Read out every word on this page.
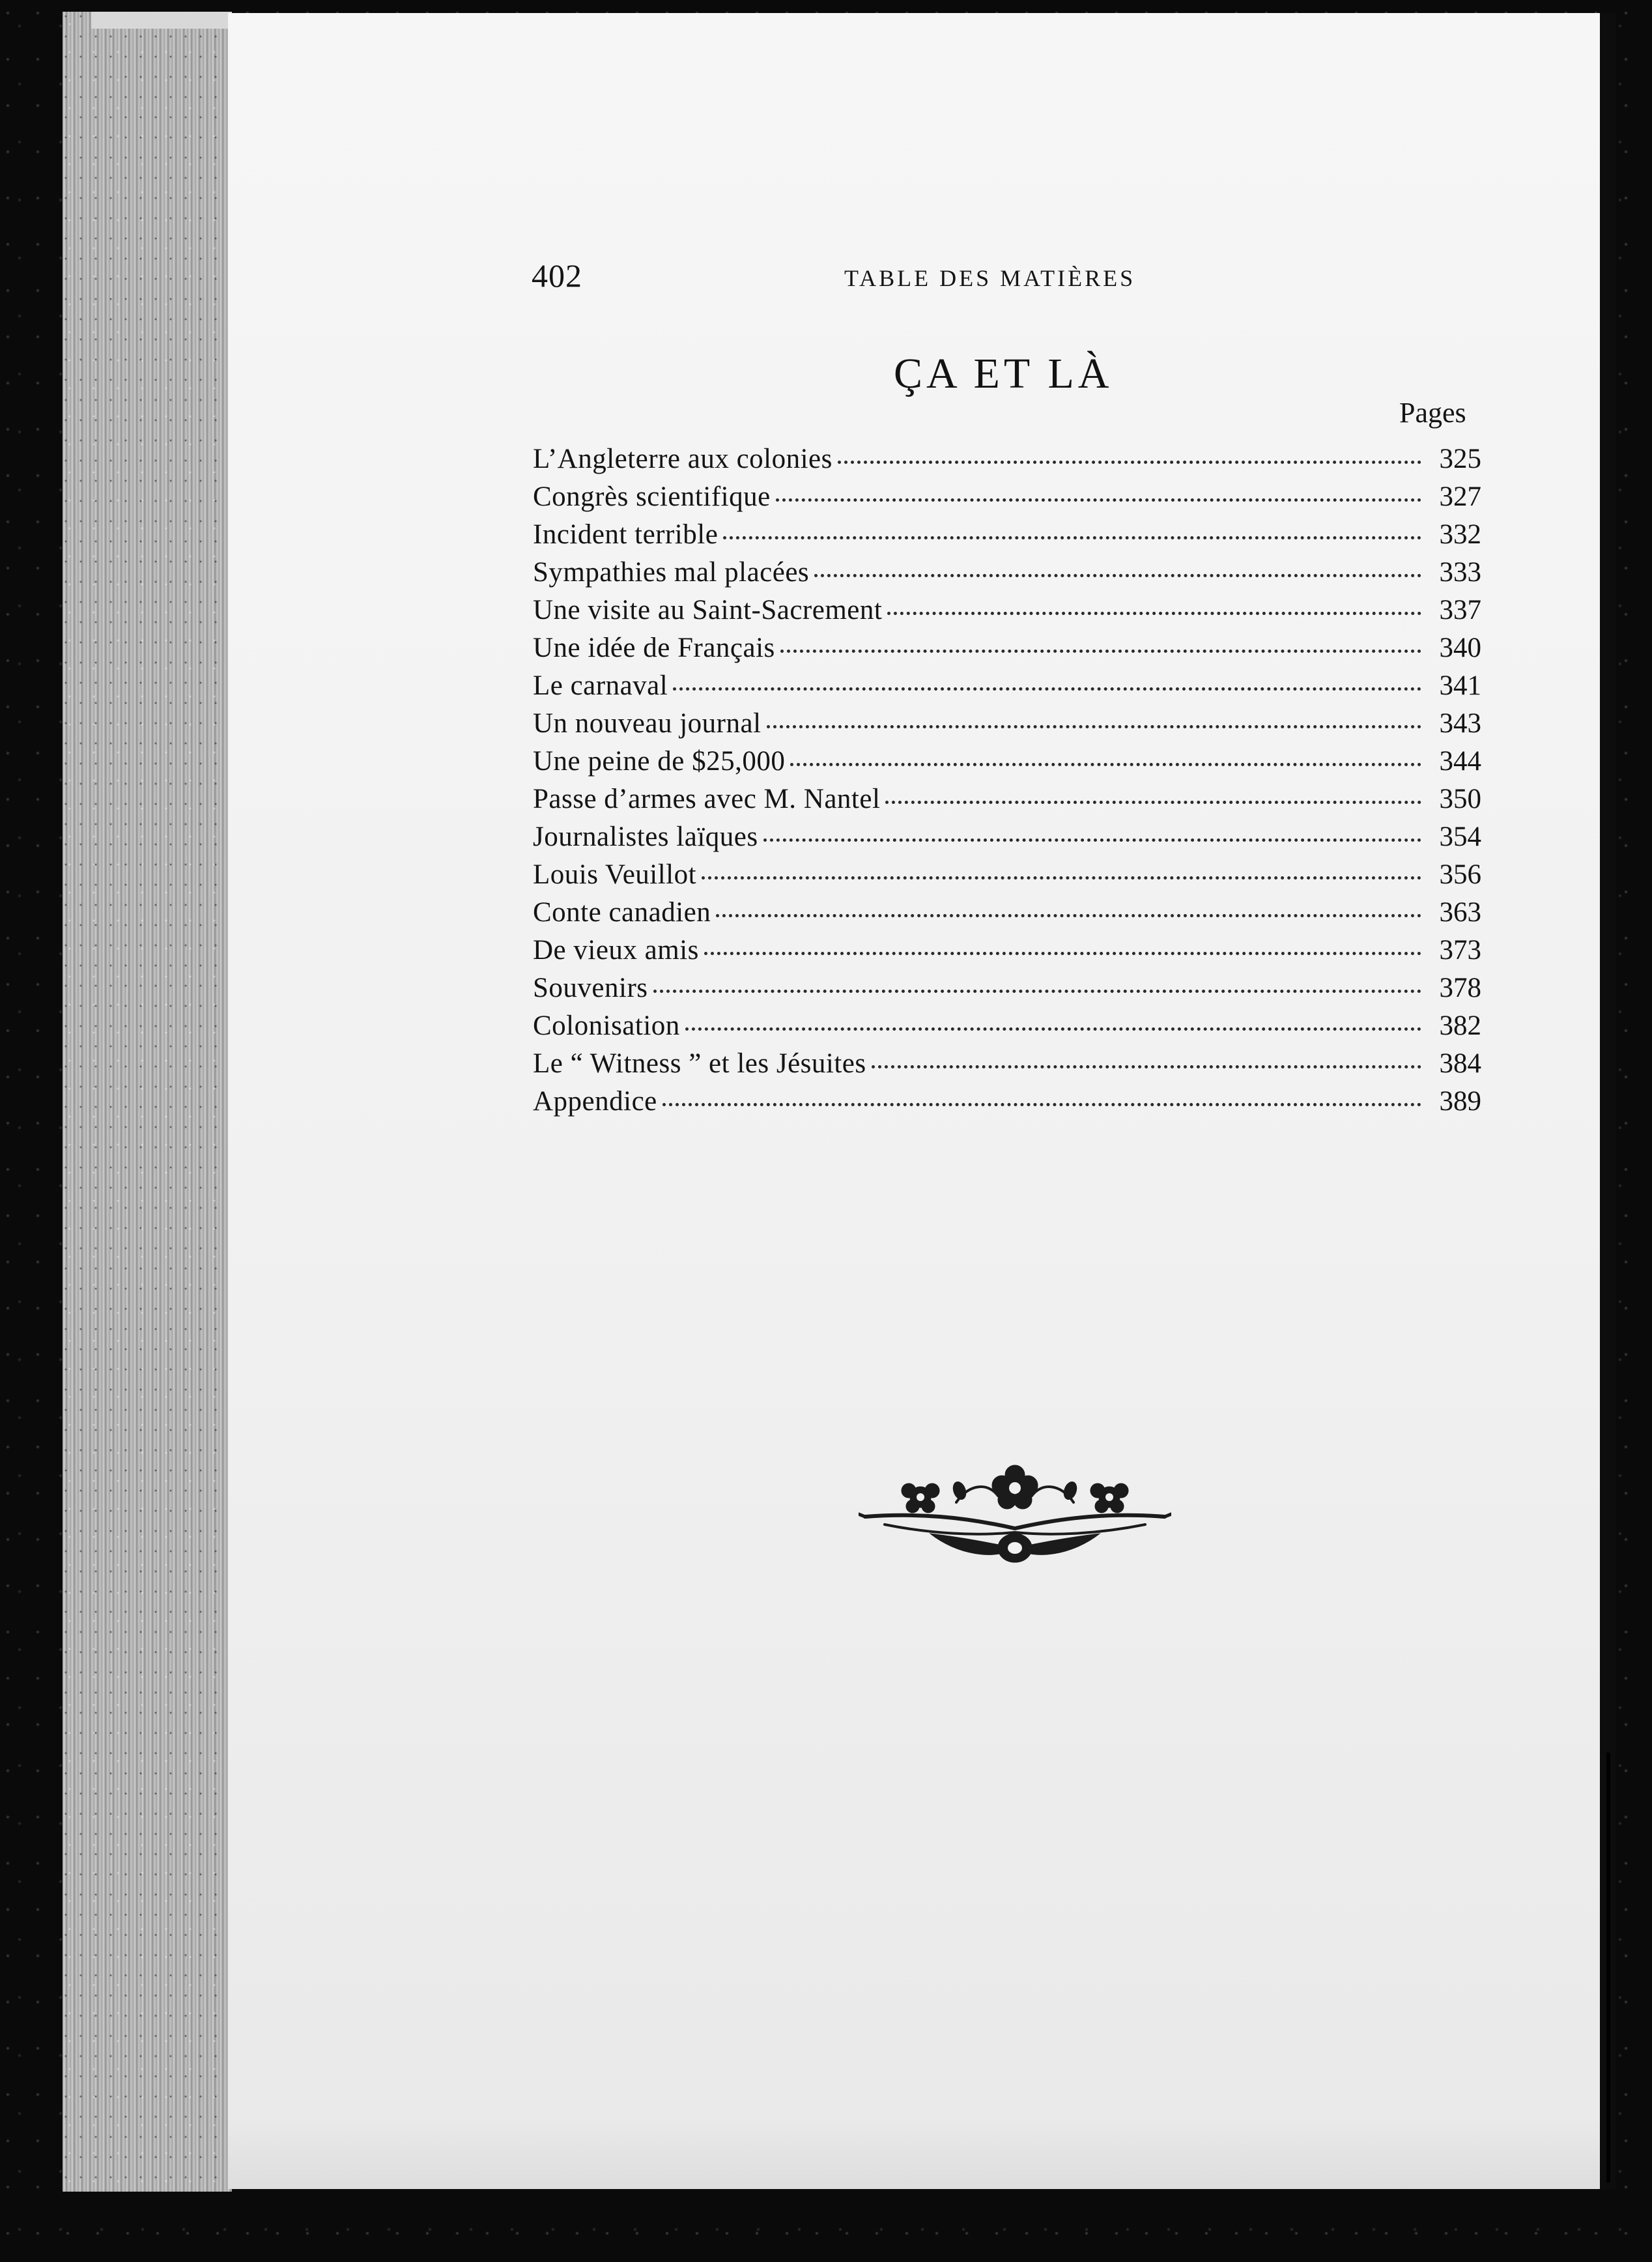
402	TABLE DES MATIÈRES
ÇA ET LÀ
Pages
L’Angleterre aux colonies	325
Congrès scientifique	327
Incident terrible	332
Sympathies mal placées	333
Une visite au Saint-Sacrement	337
Une idée de Français	340
Le carnaval	341
Un nouveau journal	343
Une peine de $25,000	344
Passe d’armes avec M. Nantel	350
Journalistes laïques	354
Louis Veuillot	356
Conte canadien	363
De vieux amis	373
Souvenirs	378
Colonisation	382
Le “ Witness ” et les Jésuites	384
Appendice	389
